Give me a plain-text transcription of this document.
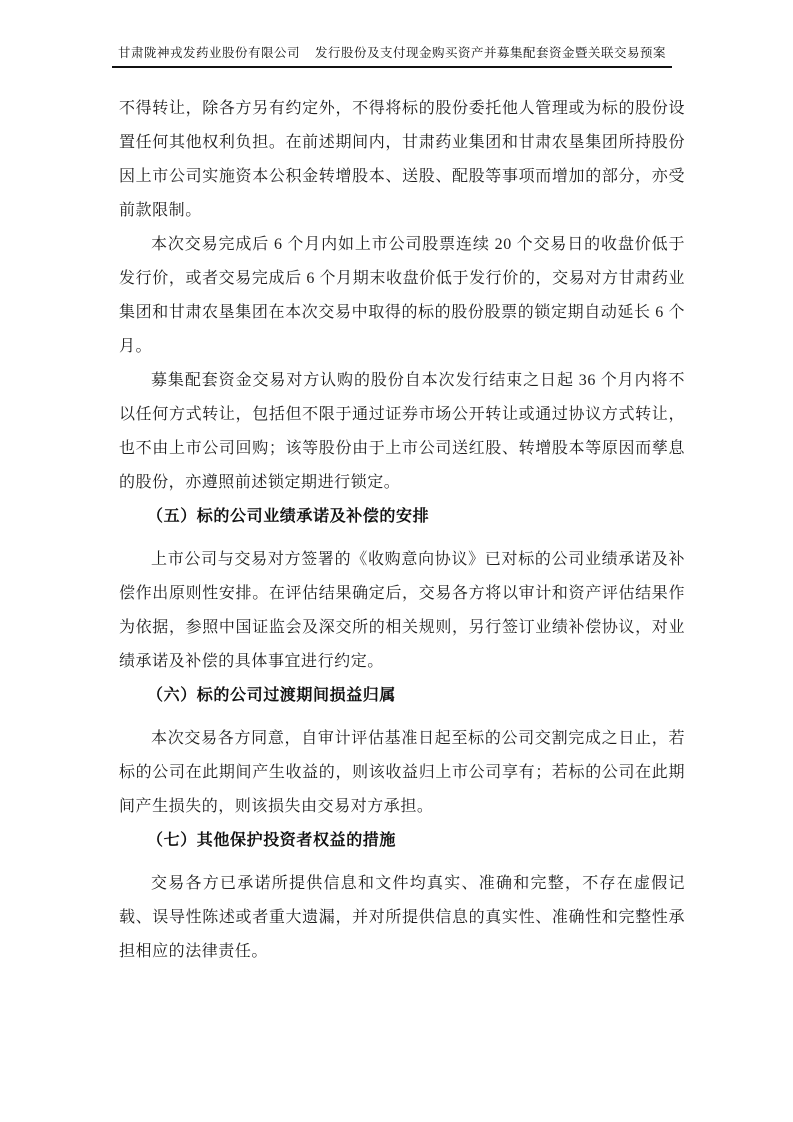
甘肃陇神戎发药业股份有限公司 发行股份及支付现金购买资产并募集配套资金暨关联交易预案

不得转让，除各方另有约定外，不得将标的股份委托他人管理或为标的股份设置任何其他权利负担。在前述期间内，甘肃药业集团和甘肃农垦集团所持股份因上市公司实施资本公积金转增股本、送股、配股等事项而增加的部分，亦受前款限制。

本次交易完成后 6 个月内如上市公司股票连续 20 个交易日的收盘价低于发行价，或者交易完成后 6 个月期末收盘价低于发行价的，交易对方甘肃药业集团和甘肃农垦集团在本次交易中取得的标的股份股票的锁定期自动延长 6 个月。

募集配套资金交易对方认购的股份自本次发行结束之日起 36 个月内将不以任何方式转让，包括但不限于通过证券市场公开转让或通过协议方式转让，也不由上市公司回购；该等股份由于上市公司送红股、转增股本等原因而孳息的股份，亦遵照前述锁定期进行锁定。

（五）标的公司业绩承诺及补偿的安排

上市公司与交易对方签署的《收购意向协议》已对标的公司业绩承诺及补偿作出原则性安排。在评估结果确定后，交易各方将以审计和资产评估结果作为依据，参照中国证监会及深交所的相关规则，另行签订业绩补偿协议，对业绩承诺及补偿的具体事宜进行约定。

（六）标的公司过渡期间损益归属

本次交易各方同意，自审计评估基准日起至标的公司交割完成之日止，若标的公司在此期间产生收益的，则该收益归上市公司享有；若标的公司在此期间产生损失的，则该损失由交易对方承担。

（七）其他保护投资者权益的措施

交易各方已承诺所提供信息和文件均真实、准确和完整，不存在虚假记载、误导性陈述或者重大遗漏，并对所提供信息的真实性、准确性和完整性承担相应的法律责任。
